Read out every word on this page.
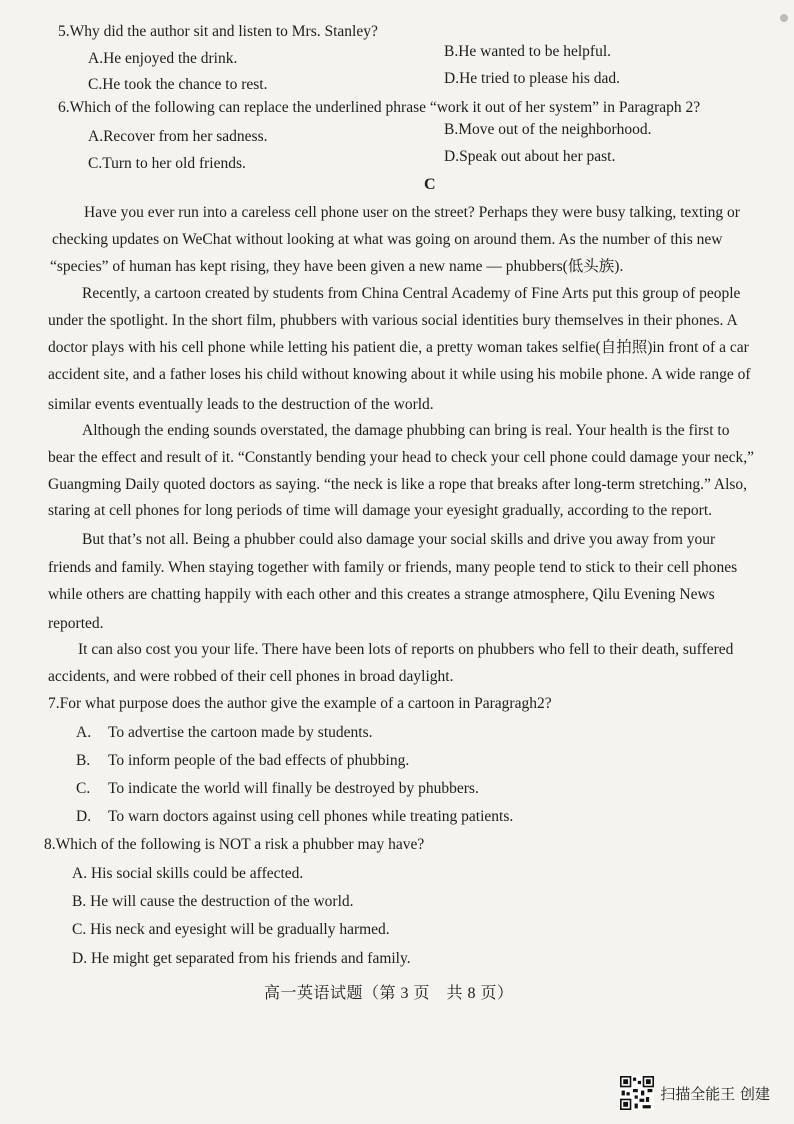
5.Why did the author sit and listen to Mrs. Stanley?
A.He enjoyed the drink.	B.He wanted to be helpful.
C.He took the chance to rest.	D.He tried to please his dad.
6.Which of the following can replace the underlined phrase “work it out of her system” in Paragraph 2?
A.Recover from her sadness.	B.Move out of the neighborhood.
C.Turn to her old friends.	D.Speak out about her past.
C
Have you ever run into a careless cell phone user on the street? Perhaps they were busy talking, texting or
checking updates on WeChat without looking at what was going on around them. As the number of this new
“species” of human has kept rising, they have been given a new name — phubbers(低头族).
Recently, a cartoon created by students from China Central Academy of Fine Arts put this group of people
under the spotlight. In the short film, phubbers with various social identities bury themselves in their phones. A
doctor plays with his cell phone while letting his patient die, a pretty woman takes selfie(自拍照)in front of a car
accident site, and a father loses his child without knowing about it while using his mobile phone. A wide range of
similar events eventually leads to the destruction of the world.
Although the ending sounds overstated, the damage phubbing can bring is real. Your health is the first to
bear the effect and result of it. “Constantly bending your head to check your cell phone could damage your neck,”
Guangming Daily quoted doctors as saying. “the neck is like a rope that breaks after long-term stretching.” Also,
staring at cell phones for long periods of time will damage your eyesight gradually, according to the report.
But that’s not all. Being a phubber could also damage your social skills and drive you away from your
friends and family. When staying together with family or friends, many people tend to stick to their cell phones
while others are chatting happily with each other and this creates a strange atmosphere, Qilu Evening News
reported.
It can also cost you your life. There have been lots of reports on phubbers who fell to their death, suffered
accidents, and were robbed of their cell phones in broad daylight.
7.For what purpose does the author give the example of a cartoon in Paragragh2?
A. To advertise the cartoon made by students.
B. To inform people of the bad effects of phubbing.
C. To indicate the world will finally be destroyed by phubbers.
D. To warn doctors against using cell phones while treating patients.
8.Which of the following is NOT a risk a phubber may have?
A. His social skills could be affected.
B. He will cause the destruction of the world.
C. His neck and eyesight will be gradually harmed.
D. He might get separated from his friends and family.
高一英语试题（第 3 页　共 8 页）
扫描全能王 创建
